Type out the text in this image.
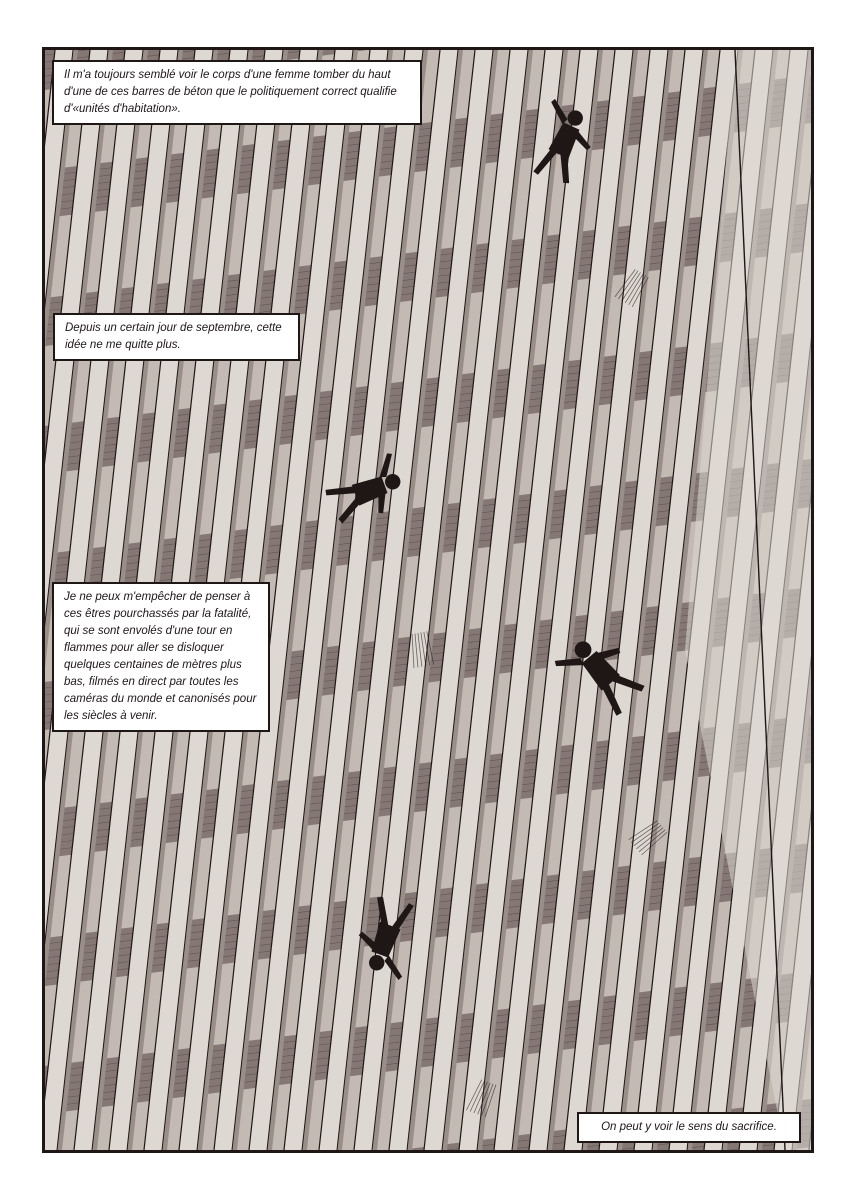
Il m'a toujours semblé voir le corps d'une femme tomber du haut
d'une de ces barres de béton que le politiquement correct qualifie
d'«unités d'habitation».
Depuis un certain jour de septembre, cette
idée ne me quitte plus.
Je ne peux m'empêcher de penser à
ces êtres pourchassés par la fatalité,
qui se sont envolés d'une tour en
flammes pour aller se disloquer
quelques centaines de mètres plus
bas, filmés en direct par toutes les
caméras du monde et canonisés pour
les siècles à venir.
On peut y voir le sens du sacrifice.
